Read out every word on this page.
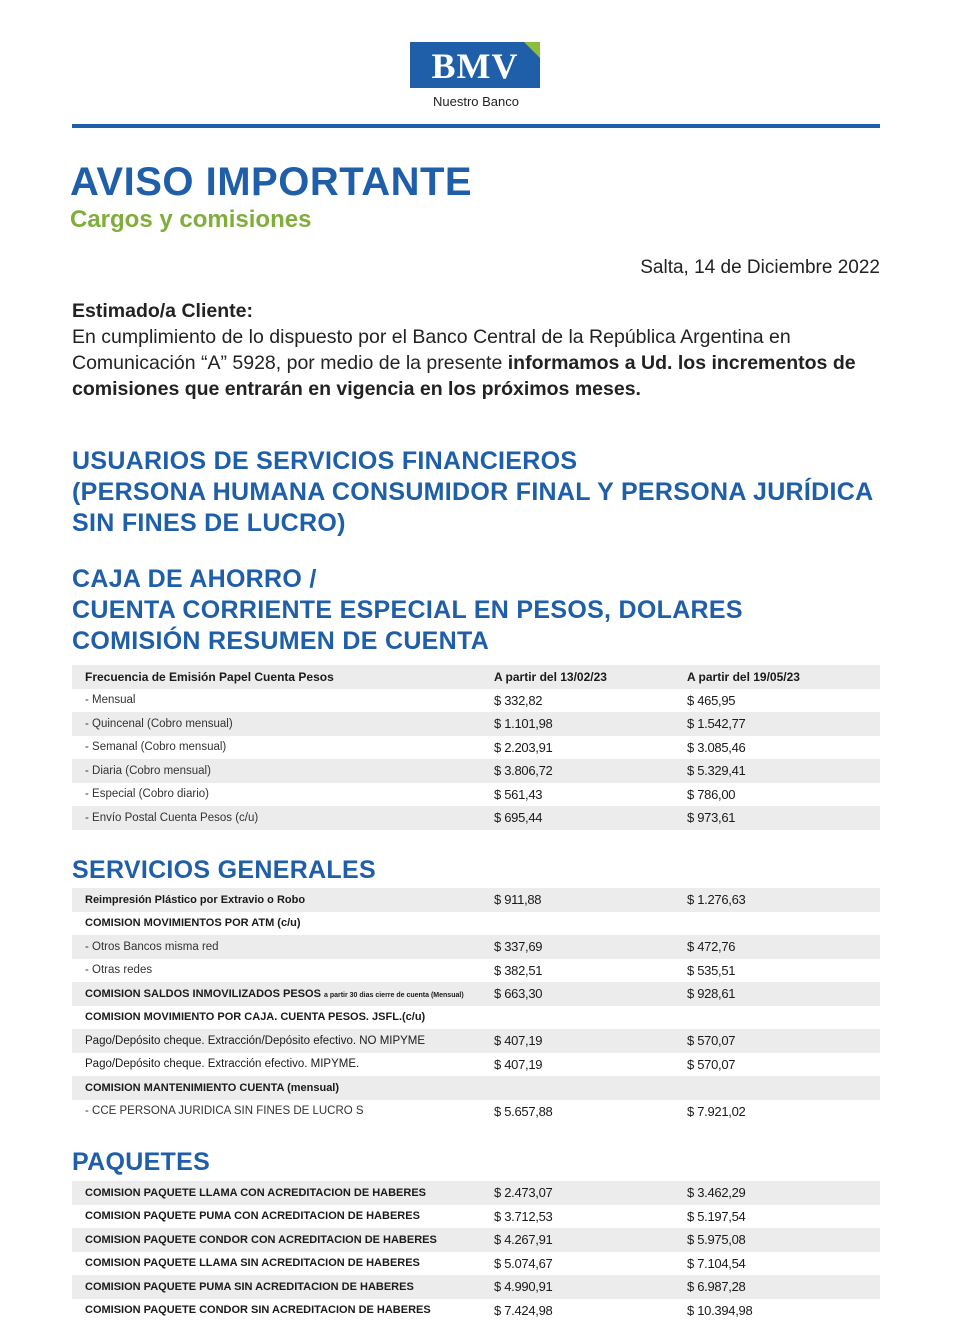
BMV
Nuestro Banco
AVISO IMPORTANTE
Cargos y comisiones
Salta, 14 de Diciembre 2022
Estimado/a Cliente:
En cumplimiento de lo dispuesto por el Banco Central de la República Argentina en Comunicación “A” 5928, por medio de la presente informamos a Ud. los incrementos de comisiones que entrarán en vigencia en los próximos meses.
USUARIOS DE SERVICIOS FINANCIEROS
(PERSONA HUMANA CONSUMIDOR FINAL Y PERSONA JURÍDICA
SIN FINES DE LUCRO)
CAJA DE AHORRO /
CUENTA CORRIENTE ESPECIAL EN PESOS, DOLARES
COMISIÓN RESUMEN DE CUENTA
Frecuencia de Emisión Papel Cuenta Pesos	A partir del 13/02/23	A partir del 19/05/23
- Mensual	$ 332,82	$ 465,95
- Quincenal (Cobro mensual)	$ 1.101,98	$ 1.542,77
- Semanal (Cobro mensual)	$ 2.203,91	$ 3.085,46
- Diaria (Cobro mensual)	$ 3.806,72	$ 5.329,41
- Especial (Cobro diario)	$ 561,43	$ 786,00
- Envío Postal Cuenta Pesos (c/u)	$ 695,44	$ 973,61
SERVICIOS GENERALES
Reimpresión Plástico por Extravio o Robo	$ 911,88	$ 1.276,63
COMISION MOVIMIENTOS POR ATM (c/u)		
- Otros Bancos misma red	$ 337,69	$ 472,76
- Otras redes	$ 382,51	$ 535,51
COMISION SALDOS INMOVILIZADOS PESOS a partir 30 dias cierre de cuenta (Mensual)	$ 663,30	$ 928,61
COMISION MOVIMIENTO POR CAJA. CUENTA PESOS. JSFL.(c/u)		
Pago/Depósito cheque. Extracción/Depósito efectivo. NO MIPYME	$ 407,19	$ 570,07
Pago/Depósito cheque. Extracción efectivo. MIPYME.	$ 407,19	$ 570,07
COMISION MANTENIMIENTO CUENTA (mensual)		
- CCE PERSONA JURIDICA SIN FINES DE LUCRO S	$ 5.657,88	$ 7.921,02
PAQUETES
COMISION PAQUETE LLAMA CON ACREDITACION DE HABERES	$ 2.473,07	$ 3.462,29
COMISION PAQUETE PUMA CON ACREDITACION DE HABERES	$ 3.712,53	$ 5.197,54
COMISION PAQUETE CONDOR CON ACREDITACION DE HABERES	$ 4.267,91	$ 5.975,08
COMISION PAQUETE LLAMA SIN ACREDITACION DE HABERES	$ 5.074,67	$ 7.104,54
COMISION PAQUETE PUMA SIN ACREDITACION DE HABERES	$ 4.990,91	$ 6.987,28
COMISION PAQUETE CONDOR SIN ACREDITACION DE HABERES	$ 7.424,98	$ 10.394,98
